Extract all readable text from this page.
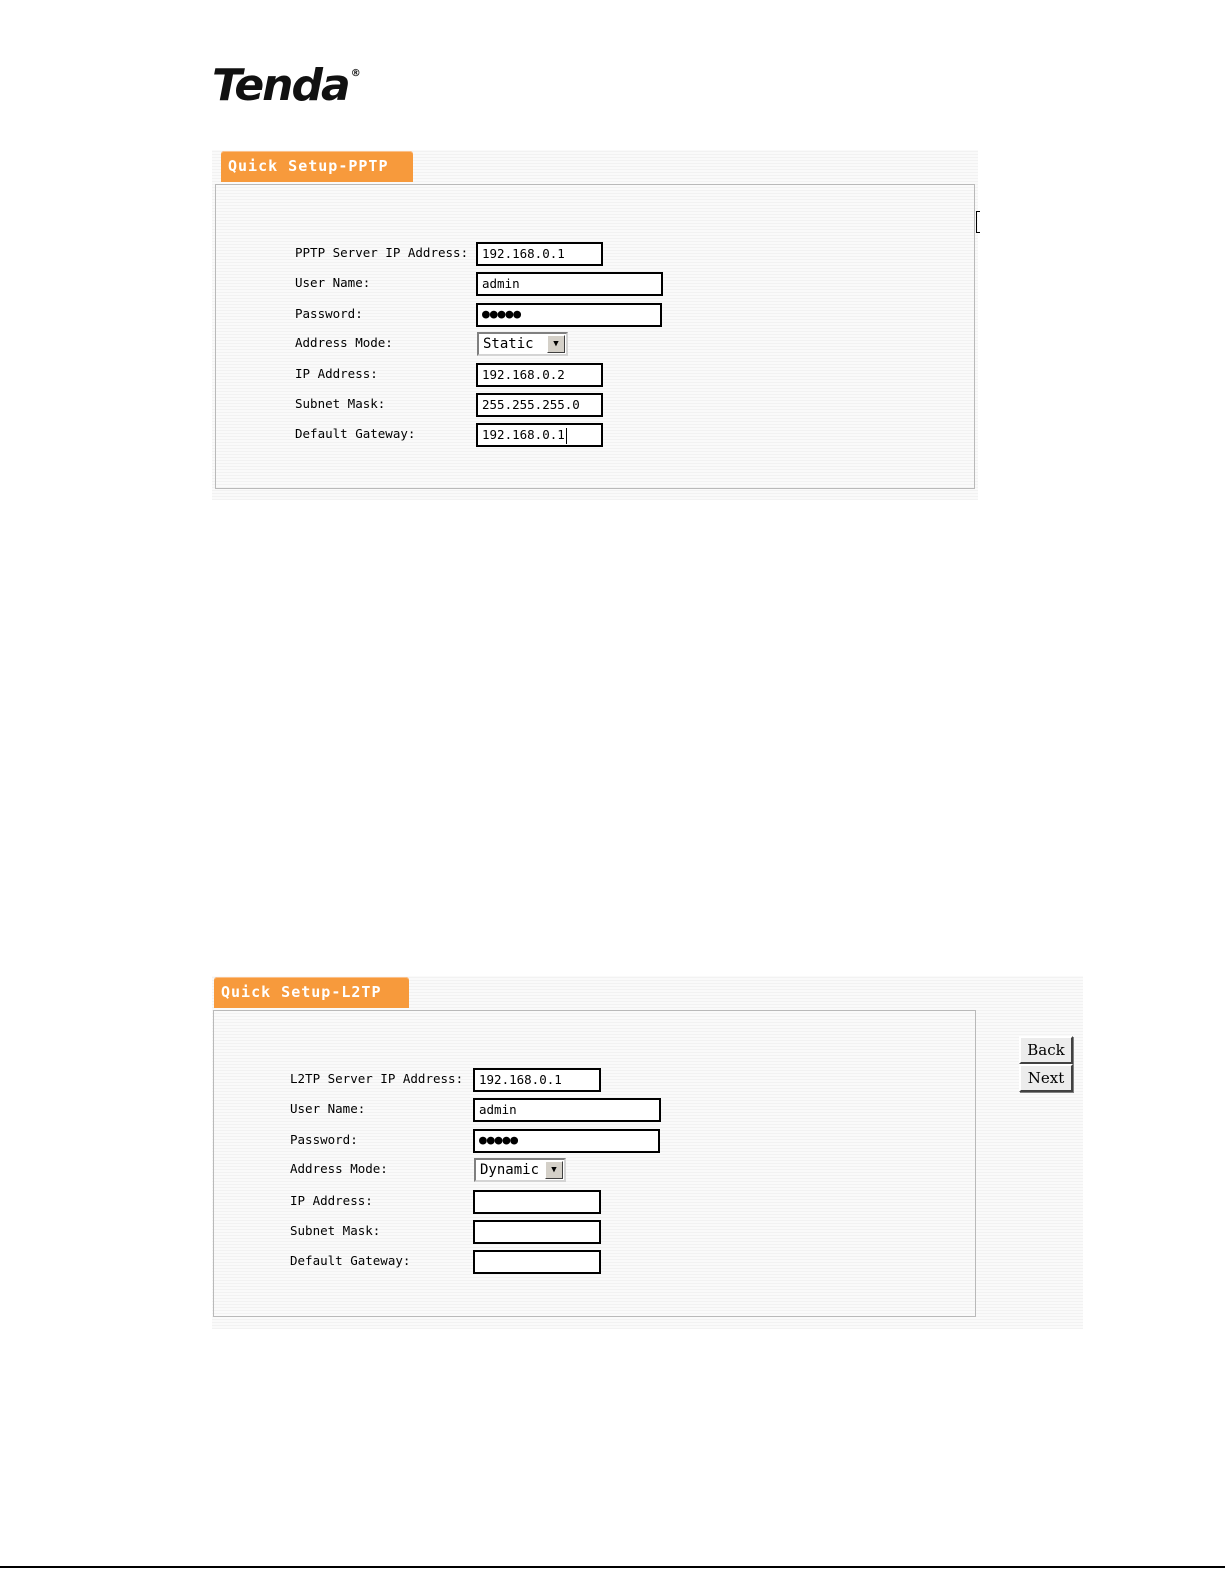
Tenda ®
Quick Setup-PPTP
PPTP Server IP Address:	192.168.0.1
User Name:	admin
Password:	●●●●●
Address Mode:	Static	▼
IP Address:	192.168.0.2
Subnet Mask:	255.255.255.0
Default Gateway:	192.168.0.1
Quick Setup-L2TP
L2TP Server IP Address:	192.168.0.1
User Name:	admin
Password:	●●●●●
Address Mode:	Dynamic	▼
IP Address:
Subnet Mask:
Default Gateway:
Back
Next
